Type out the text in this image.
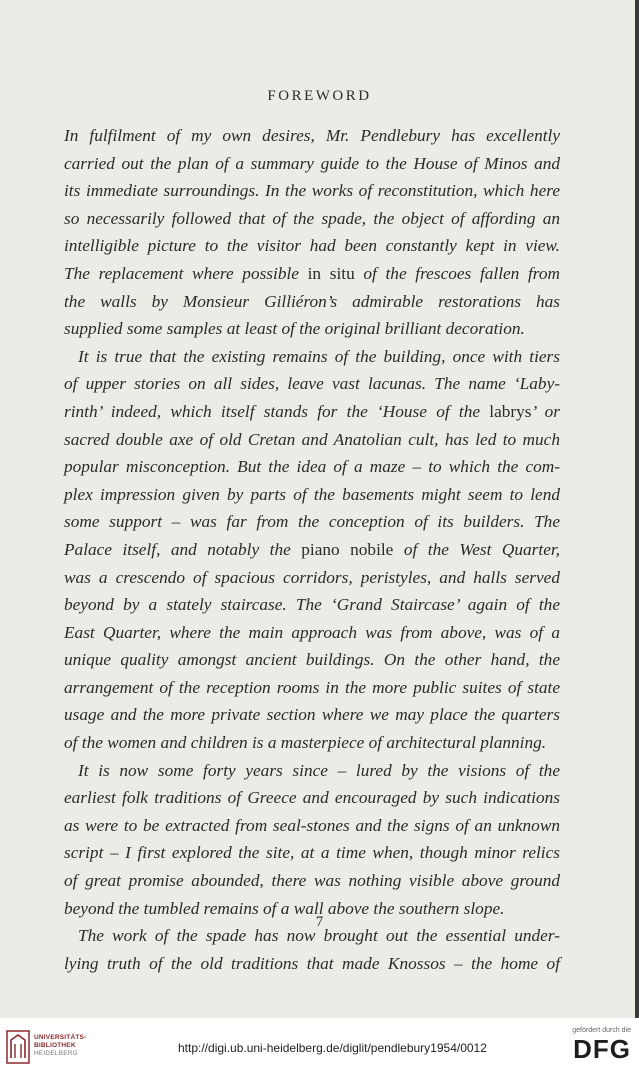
FOREWORD
In fulfilment of my own desires, Mr. Pendlebury has excellently
carried out the plan of a summary guide to the House of Minos and
its immediate surroundings. In the works of reconstitution, which here
so necessarily followed that of the spade, the object of affording an
intelligible picture to the visitor had been constantly kept in view.
The replacement where possible in situ of the frescoes fallen from
the walls by Monsieur Gilliéron’s admirable restorations has
supplied some samples at least of the original brilliant decoration.
It is true that the existing remains of the building, once with tiers
of upper stories on all sides, leave vast lacunas. The name ‘Laby-
rinth’ indeed, which itself stands for the ‘House of the labrys’ or
sacred double axe of old Cretan and Anatolian cult, has led to much
popular misconception. But the idea of a maze – to which the com-
plex impression given by parts of the basements might seem to lend
some support – was far from the conception of its builders. The
Palace itself, and notably the piano nobile of the West Quarter,
was a crescendo of spacious corridors, peristyles, and halls served
beyond by a stately staircase. The ‘Grand Staircase’ again of the
East Quarter, where the main approach was from above, was of a
unique quality amongst ancient buildings. On the other hand, the
arrangement of the reception rooms in the more public suites of state
usage and the more private section where we may place the quarters
of the women and children is a masterpiece of architectural planning.
It is now some forty years since – lured by the visions of the
earliest folk traditions of Greece and encouraged by such indications
as were to be extracted from seal-stones and the signs of an unknown
script – I first explored the site, at a time when, though minor relics
of great promise abounded, there was nothing visible above ground
beyond the tumbled remains of a wall above the southern slope.
The work of the spade has now brought out the essential under-
lying truth of the old traditions that made Knossos – the home of
7
UNIVERSITÄTS-
BIBLIOTHEK
HEIDELBERG	http://digi.ub.uni-heidelberg.de/diglit/pendlebury1954/0012
gefördert durch die
DFG
